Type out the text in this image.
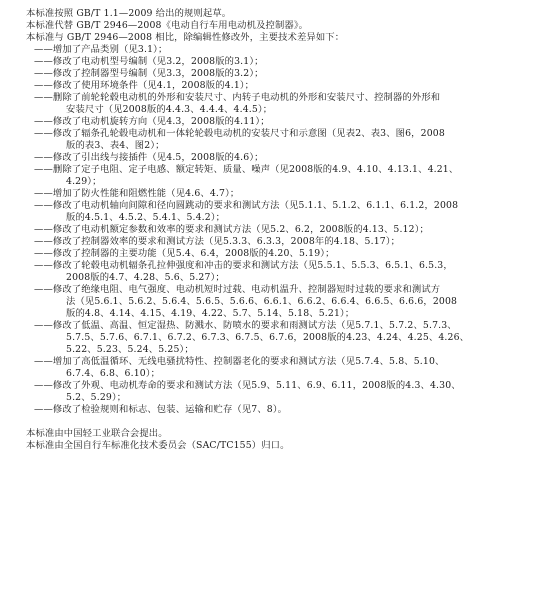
本标准按照 GB/T 1.1—2009 给出的规则起草。
本标准代替 GB/T 2946—2008《电动自行车用电动机及控制器》。
本标准与 GB/T 2946—2008 相比，除编辑性修改外，主要技术差异如下：
——增加了产品类别（见3.1）；
——修改了电动机型号编制（见3.2，2008版的3.1）；
——修改了控制器型号编制（见3.3，2008版的3.2）；
——修改了使用环境条件（见4.1，2008版的4.1）；
——删除了前轮轮毂电动机的外形和安装尺寸、内转子电动机的外形和安装尺寸、控制器的外形和
安装尺寸（见2008版的4.4.3、4.4.4、4.4.5）；
——修改了电动机旋转方向（见4.3，2008版的4.11）；
——修改了辐条孔轮毂电动机和一体轮轮毂电动机的安装尺寸和示意图（见表2、表3、图6，2008
版的表3、表4、图2）；
——修改了引出线与接插件（见4.5，2008版的4.6）；
——删除了定子电阻、定子电感、额定转矩、质量、噪声（见2008版的4.9、4.10、4.13.1、4.21、
4.29）；
——增加了防火性能和阻燃性能（见4.6、4.7）；
——修改了电动机轴向间隙和径向圆跳动的要求和测试方法（见5.1.1、5.1.2、6.1.1、6.1.2，2008
版的4.5.1、4.5.2、5.4.1、5.4.2）；
——修改了电动机额定参数和效率的要求和测试方法（见5.2、6.2，2008版的4.13、5.12）；
——修改了控制器效率的要求和测试方法（见5.3.3、6.3.3，2008年的4.18、5.17）；
——修改了控制器的主要功能（见5.4、6.4，2008版的4.20、5.19）；
——修改了轮毂电动机辐条孔拉伸强度和冲击的要求和测试方法（见5.5.1、5.5.3、6.5.1、6.5.3，
2008版的4.7、4.28、5.6、5.27）；
——修改了绝缘电阻、电气强度、电动机短时过载、电动机温升、控制器短时过载的要求和测试方
法（见5.6.1、5.6.2、5.6.4、5.6.5、5.6.6、6.6.1、6.6.2、6.6.4、6.6.5、6.6.6，2008
版的4.8、4.14、4.15、4.19、4.22、5.7、5.14、5.18、5.21）；
——修改了低温、高温、恒定湿热、防溅水、防喷水的要求和雨测试方法（见5.7.1、5.7.2、5.7.3、
5.7.5、5.7.6、6.7.1、6.7.2、6.7.3、6.7.5、6.7.6，2008版的4.23、4.24、4.25、4.26、
5.22、5.23、5.24、5.25）；
——增加了高低温循环、无线电骚扰特性、控制器老化的要求和测试方法（见5.7.4、5.8、5.10、
6.7.4、6.8、6.10）；
——修改了外观、电动机寿命的要求和测试方法（见5.9、5.11、6.9、6.11，2008版的4.3、4.30、
5.2、5.29）；
——修改了检验规则和标志、包装、运输和贮存（见7、8）。
本标准由中国轻工业联合会提出。
本标准由全国自行车标准化技术委员会（SAC/TC155）归口。
